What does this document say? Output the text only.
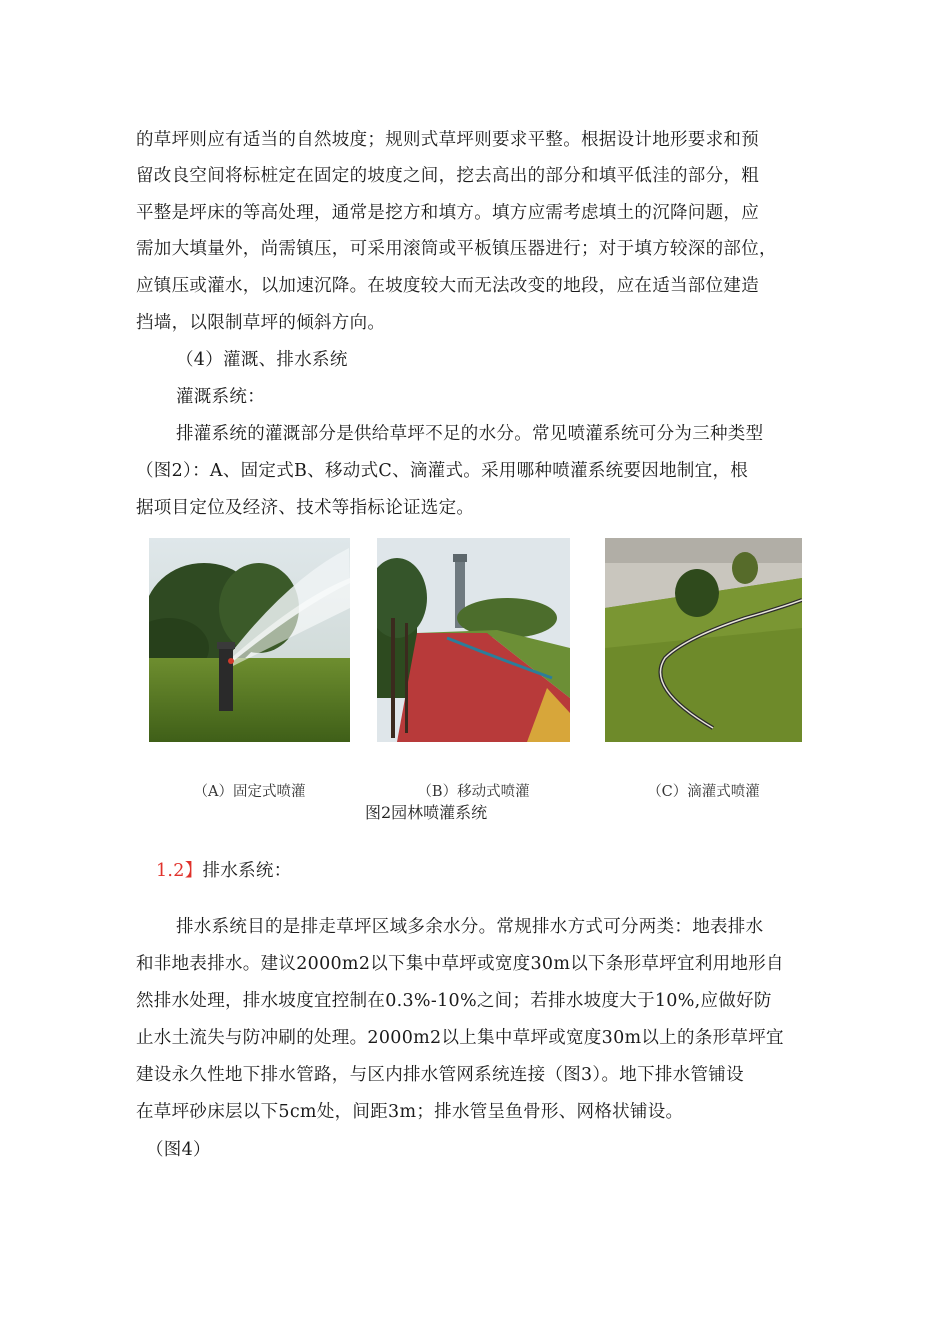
的草坪则应有适当的自然坡度；规则式草坪则要求平整。根据设计地形要求和预
留改良空间将标桩定在固定的坡度之间，挖去高出的部分和填平低洼的部分，粗
平整是坪床的等高处理，通常是挖方和填方。填方应需考虑填土的沉降问题，应
需加大填量外，尚需镇压，可采用滚筒或平板镇压器进行；对于填方较深的部位，
应镇压或灌水，以加速沉降。在坡度较大而无法改变的地段，应在适当部位建造
挡墙，以限制草坪的倾斜方向。
（4）灌溉、排水系统
灌溉系统：
排灌系统的灌溉部分是供给草坪不足的水分。常见喷灌系统可分为三种类型
（图2）：A、固定式B、移动式C、滴灌式。采用哪种喷灌系统要因地制宜，根
据项目定位及经济、技术等指标论证选定。
（A）固定式喷灌	（B）移动式喷灌	（C）滴灌式喷灌
图2园林喷灌系统
1.2】排水系统：
排水系统目的是排走草坪区域多余水分。常规排水方式可分两类：地表排水
和非地表排水。建议2000m2以下集中草坪或宽度30m以下条形草坪宜利用地形自
然排水处理，排水坡度宜控制在0.3%-10%之间；若排水坡度大于10%,应做好防
止水土流失与防冲刷的处理。2000m2以上集中草坪或宽度30m以上的条形草坪宜
建设永久性地下排水管路，与区内排水管网系统连接（图3）。地下排水管铺设
在草坪砂床层以下5cm处，间距3m；排水管呈鱼骨形、网格状铺设。
（图4）
